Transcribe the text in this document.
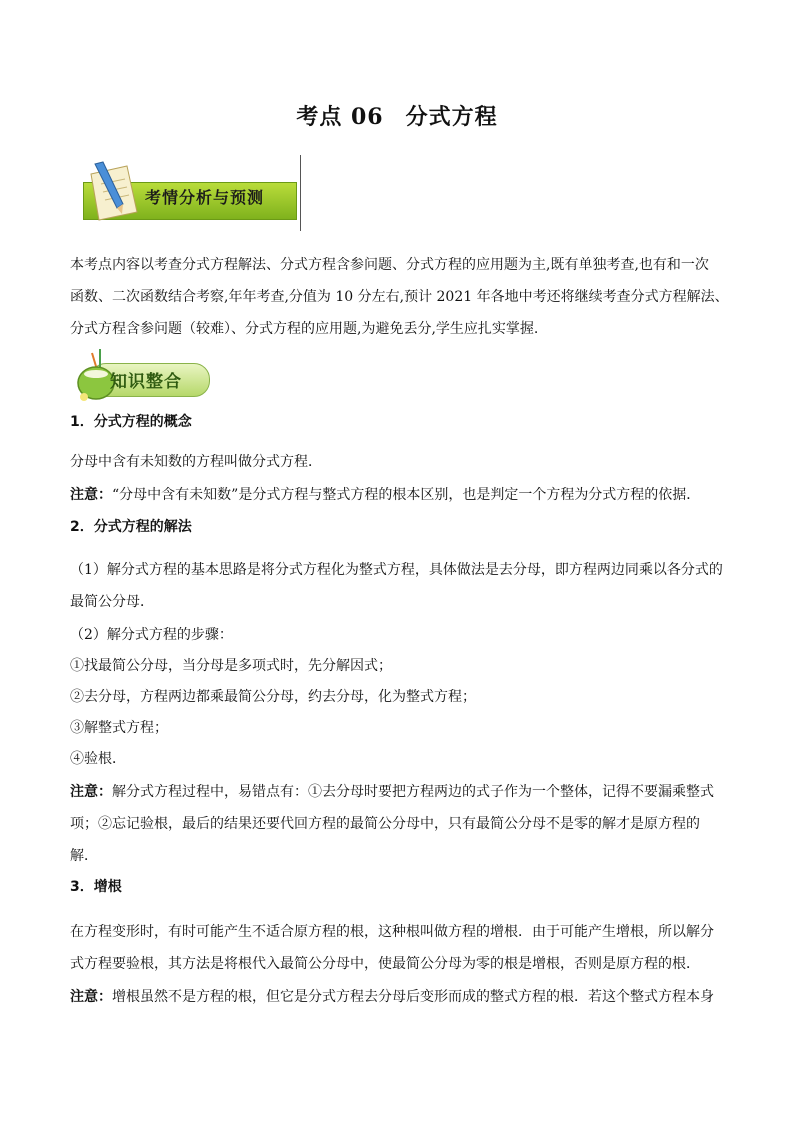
考点 06 分式方程
考情分析与预测
本考点内容以考查分式方程解法、分式方程含参问题、分式方程的应用题为主,既有单独考查,也有和一次
函数、二次函数结合考察,年年考查,分值为 10 分左右,预计 2021 年各地中考还将继续考查分式方程解法、
分式方程含参问题（较难）、分式方程的应用题,为避免丢分,学生应扎实掌握.
知识整合
1．分式方程的概念
分母中含有未知数的方程叫做分式方程．
注意：“分母中含有未知数”是分式方程与整式方程的根本区别，也是判定一个方程为分式方程的依据．
2．分式方程的解法
（1）解分式方程的基本思路是将分式方程化为整式方程，具体做法是去分母，即方程两边同乘以各分式的
最简公分母．
（2）解分式方程的步骤：
①找最简公分母，当分母是多项式时，先分解因式；
②去分母，方程两边都乘最简公分母，约去分母，化为整式方程；
③解整式方程；
④验根．
注意：解分式方程过程中，易错点有：①去分母时要把方程两边的式子作为一个整体，记得不要漏乘整式
项；②忘记验根，最后的结果还要代回方程的最简公分母中，只有最简公分母不是零的解才是原方程的
解．
3．增根
在方程变形时，有时可能产生不适合原方程的根，这种根叫做方程的增根．由于可能产生增根，所以解分
式方程要验根，其方法是将根代入最简公分母中，使最简公分母为零的根是增根，否则是原方程的根．
注意：增根虽然不是方程的根，但它是分式方程去分母后变形而成的整式方程的根．若这个整式方程本身
